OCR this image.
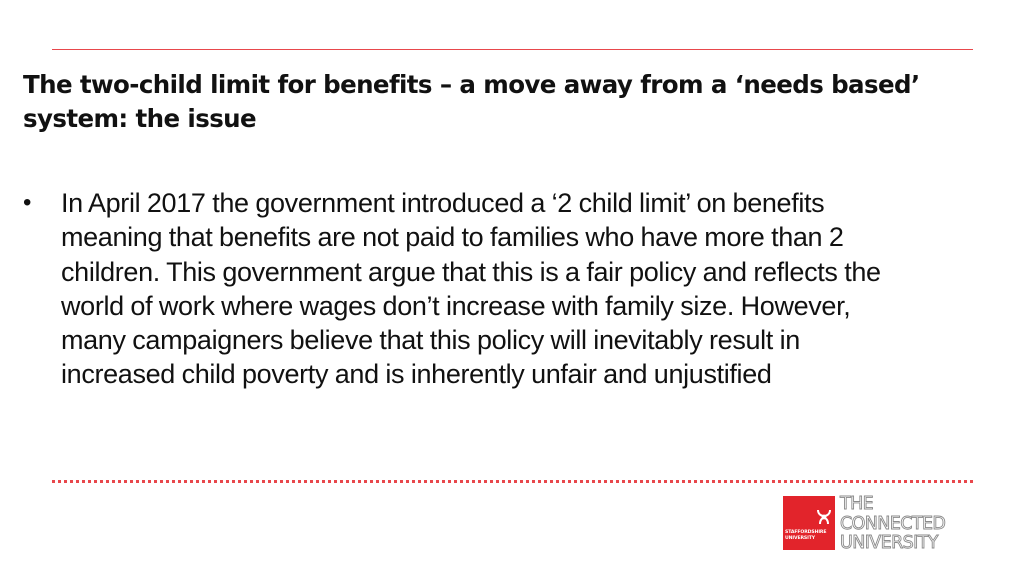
The two-child limit for benefits – a move away from a ‘needs based’ system: the issue
• In April 2017 the government introduced a ‘2 child limit’ on benefits meaning that benefits are not paid to families who have more than 2 children. This government argue that this is a fair policy and reflects the world of work where wages don’t increase with family size. However, many campaigners believe that this policy will inevitably result in increased child poverty and is inherently unfair and unjustified
STAFFORDSHIRE
UNIVERSITY
THE
CONNECTED
UNIVERSITY
